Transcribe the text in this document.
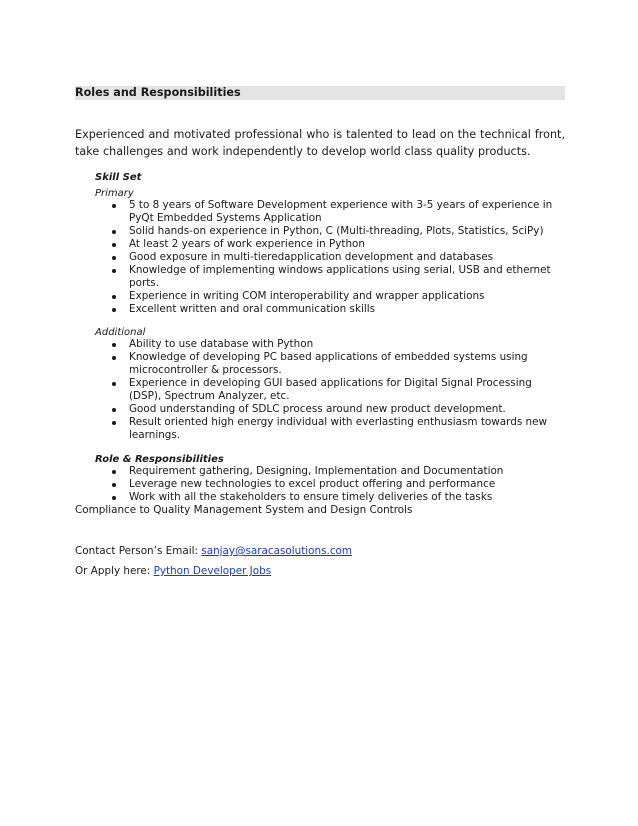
Roles and Responsibilities
Experienced and motivated professional who is talented to lead on the technical front, take challenges and work independently to develop world class quality products.
Skill Set
Primary
5 to 8 years of Software Development experience with 3-5 years of experience in PyQt Embedded Systems Application
Solid hands-on experience in Python, C (Multi-threading, Plots, Statistics, SciPy)
At least 2 years of work experience in Python
Good exposure in multi-tieredapplication development and databases
Knowledge of implementing windows applications using serial, USB and ethernet ports.
Experience in writing COM interoperability and wrapper applications
Excellent written and oral communication skills
Additional
Ability to use database with Python
Knowledge of developing PC based applications of embedded systems using microcontroller & processors.
Experience in developing GUI based applications for Digital Signal Processing (DSP), Spectrum Analyzer, etc.
Good understanding of SDLC process around new product development.
Result oriented high energy individual with everlasting enthusiasm towards new learnings.
Role & Responsibilities
Requirement gathering, Designing, Implementation and Documentation
Leverage new technologies to excel product offering and performance
Work with all the stakeholders to ensure timely deliveries of the tasks
Compliance to Quality Management System and Design Controls
Contact Person’s Email: sanjay@saracasolutions.com
Or Apply here: Python Developer Jobs
